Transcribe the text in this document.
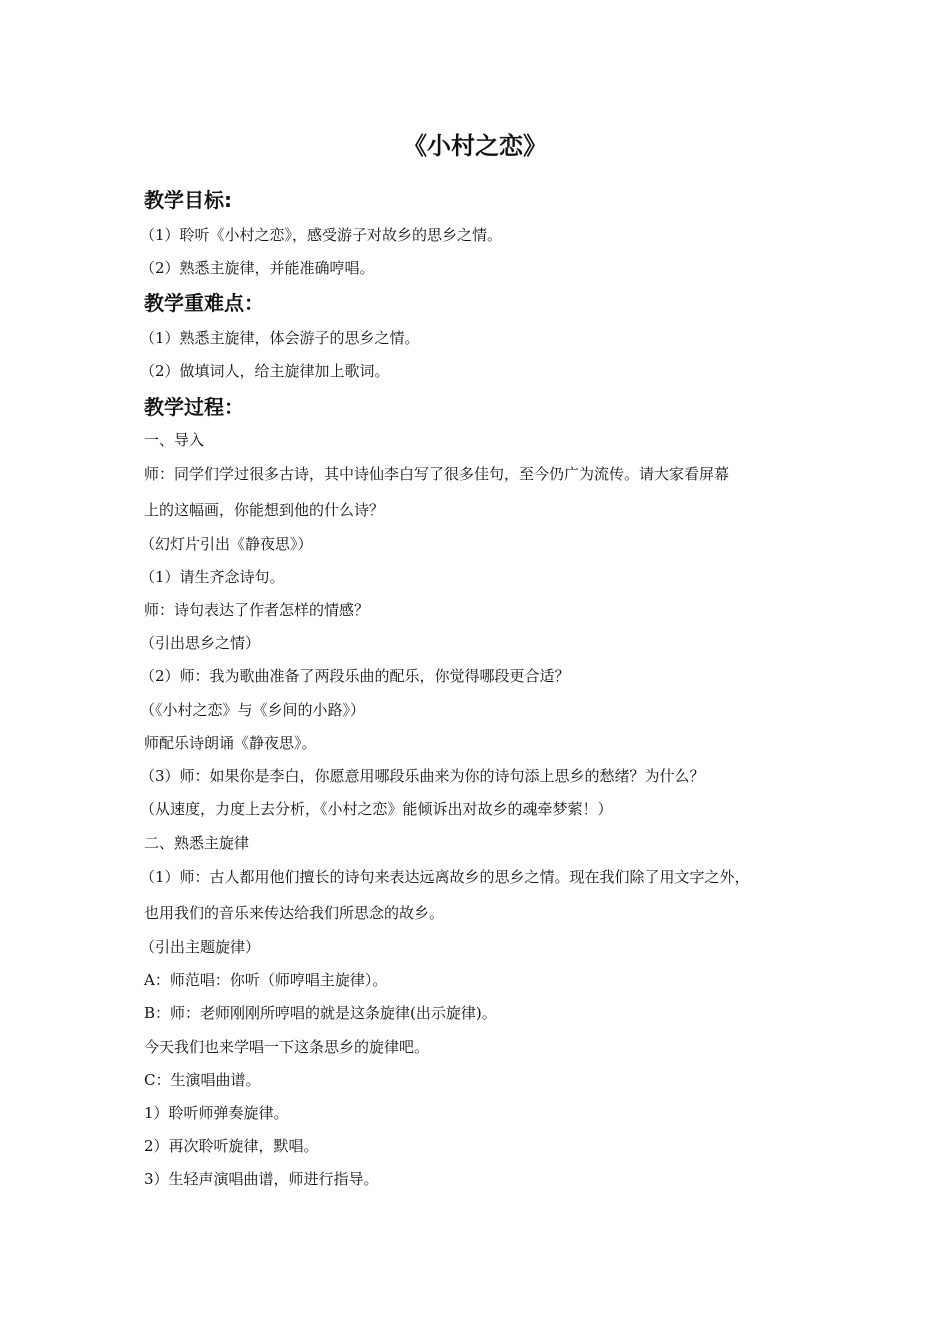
《小村之恋》
教学目标:
（1）聆听《小村之恋》，感受游子对故乡的思乡之情。
（2）熟悉主旋律，并能准确哼唱。
教学重难点：
（1）熟悉主旋律，体会游子的思乡之情。
（2）做填词人，给主旋律加上歌词。
教学过程：
一、导入
师：同学们学过很多古诗，其中诗仙李白写了很多佳句，至今仍广为流传。请大家看屏幕
上的这幅画，你能想到他的什么诗？
（幻灯片引出《静夜思》）
（1）请生齐念诗句。
师：诗句表达了作者怎样的情感？
（引出思乡之情）
（2）师：我为歌曲准备了两段乐曲的配乐，你觉得哪段更合适？
（《小村之恋》与《乡间的小路》）
师配乐诗朗诵《静夜思》。
（3）师：如果你是李白，你愿意用哪段乐曲来为你的诗句添上思乡的愁绪？为什么？
（从速度，力度上去分析，《小村之恋》能倾诉出对故乡的魂牵梦萦！）
二、熟悉主旋律
（1）师：古人都用他们擅长的诗句来表达远离故乡的思乡之情。现在我们除了用文字之外，
也用我们的音乐来传达给我们所思念的故乡。
（引出主题旋律）
A：师范唱：你听（师哼唱主旋律）。
B：师：老师刚刚所哼唱的就是这条旋律(出示旋律)。
今天我们也来学唱一下这条思乡的旋律吧。
C：生演唱曲谱。
1）聆听师弹奏旋律。
2）再次聆听旋律，默唱。
3）生轻声演唱曲谱，师进行指导。
